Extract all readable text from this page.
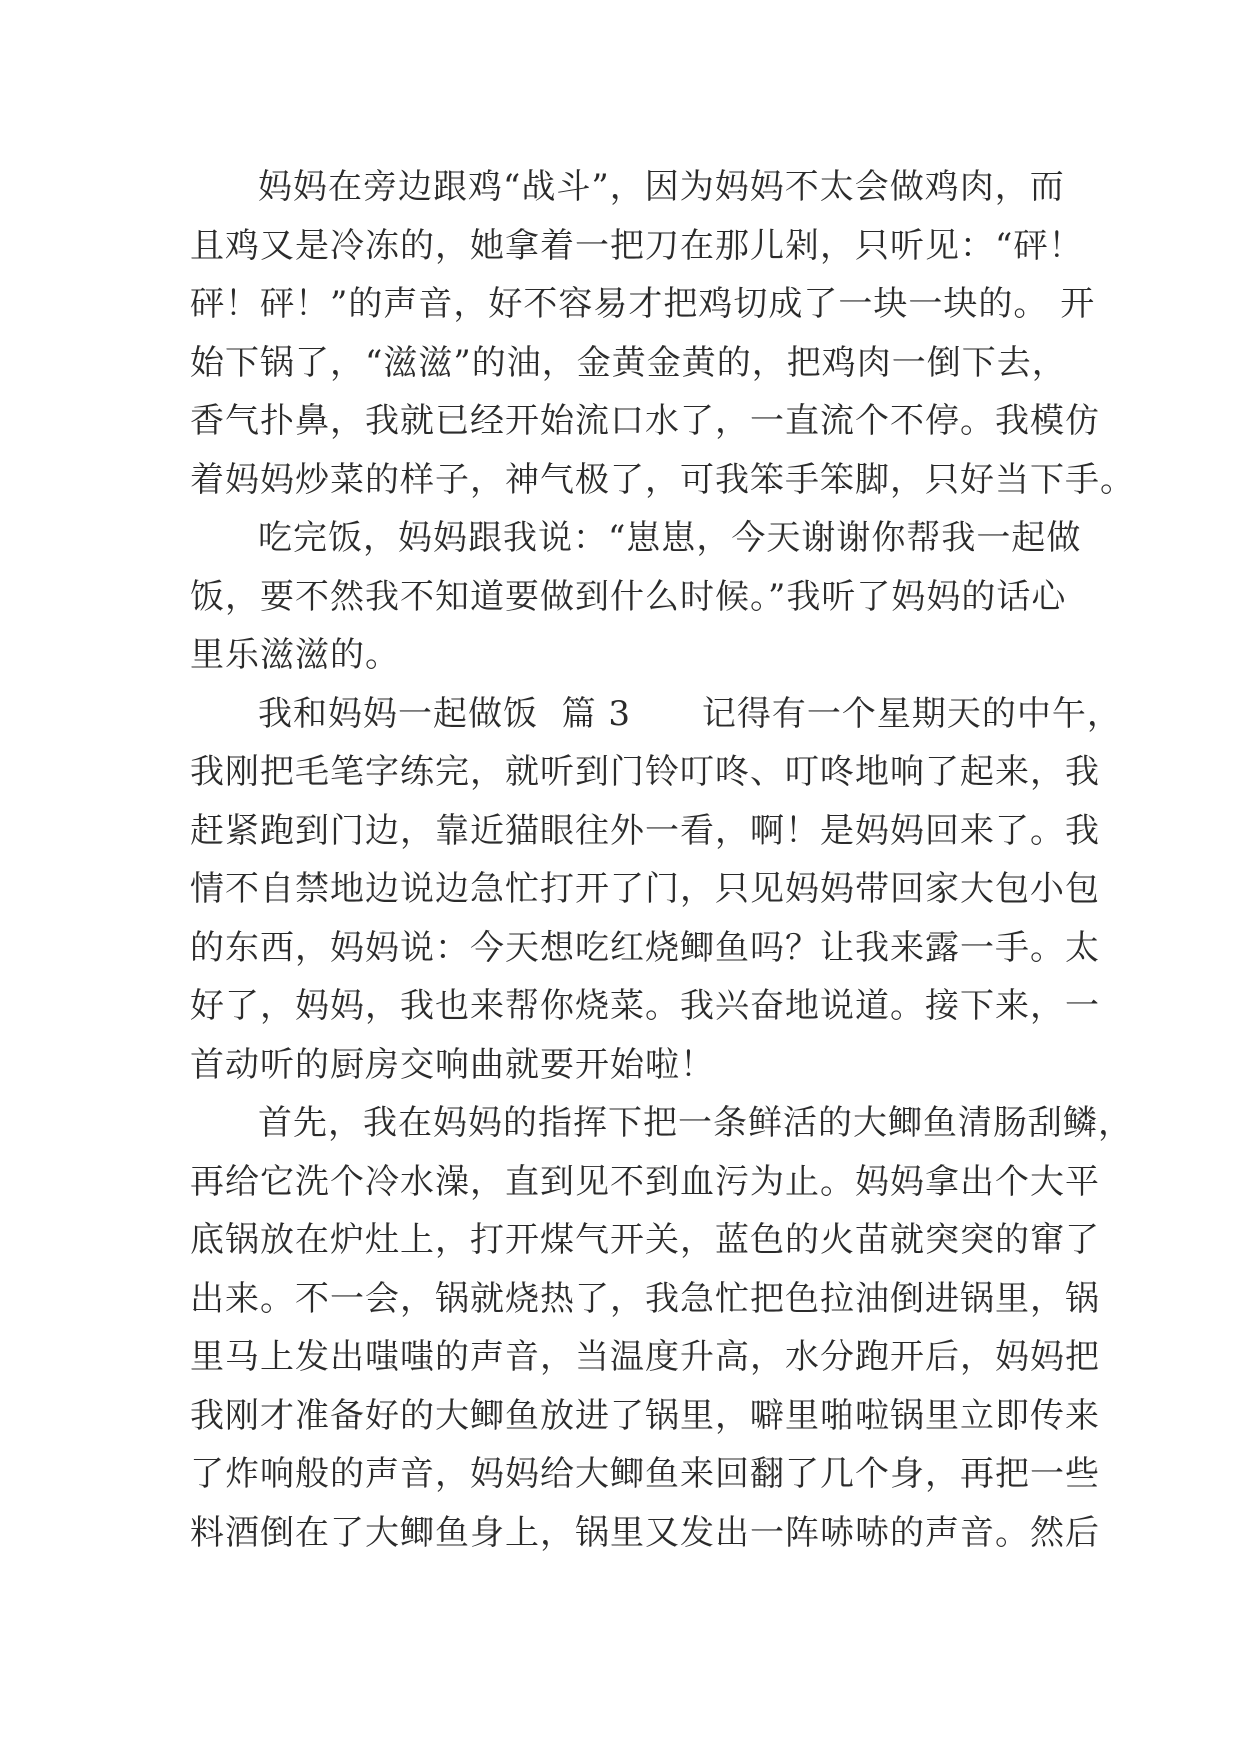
妈妈在旁边跟鸡“战斗”，因为妈妈不太会做鸡肉，而
且鸡又是冷冻的，她拿着一把刀在那儿剁，只听见：“砰！
砰！砰！”的声音，好不容易才把鸡切成了一块一块的。 开
始下锅了，“滋滋”的油，金黄金黄的，把鸡肉一倒下去，
香气扑鼻，我就已经开始流口水了，一直流个不停。我模仿
着妈妈炒菜的样子，神气极了，可我笨手笨脚，只好当下手。
吃完饭，妈妈跟我说：“崽崽，今天谢谢你帮我一起做
饭，要不然我不知道要做到什么时候。”我听了妈妈的话心
里乐滋滋的。
我和妈妈一起做饭  篇 3      记得有一个星期天的中午，
我刚把毛笔字练完，就听到门铃叮咚、叮咚地响了起来，我
赶紧跑到门边，靠近猫眼往外一看，啊！是妈妈回来了。我
情不自禁地边说边急忙打开了门，只见妈妈带回家大包小包
的东西，妈妈说：今天想吃红烧鲫鱼吗？让我来露一手。太
好了，妈妈，我也来帮你烧菜。我兴奋地说道。接下来，一
首动听的厨房交响曲就要开始啦！
首先，我在妈妈的指挥下把一条鲜活的大鲫鱼清肠刮鳞，
再给它洗个冷水澡，直到见不到血污为止。妈妈拿出个大平
底锅放在炉灶上，打开煤气开关，蓝色的火苗就突突的窜了
出来。不一会，锅就烧热了，我急忙把色拉油倒进锅里，锅
里马上发出嗤嗤的声音，当温度升高，水分跑开后，妈妈把
我刚才准备好的大鲫鱼放进了锅里，噼里啪啦锅里立即传来
了炸响般的声音，妈妈给大鲫鱼来回翻了几个身，再把一些
料酒倒在了大鲫鱼身上，锅里又发出一阵哧哧的声音。然后
